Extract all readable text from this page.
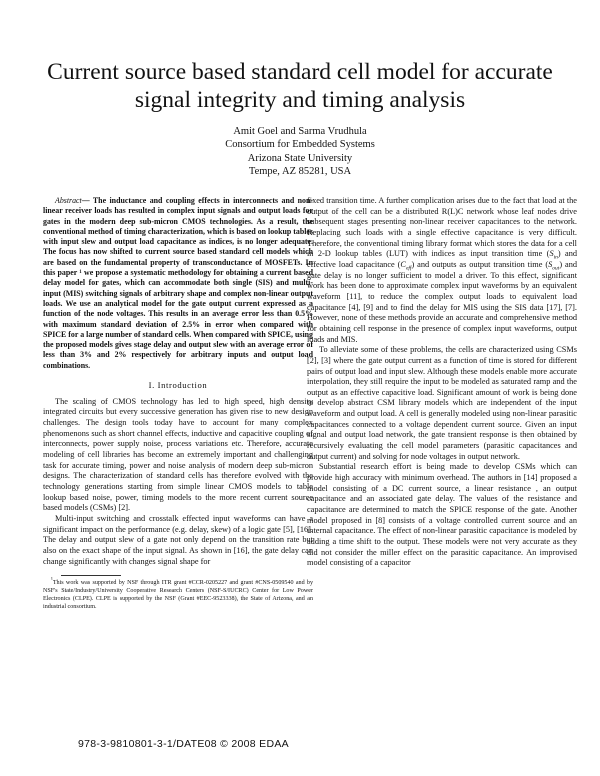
Current source based standard cell model for accurate signal integrity and timing analysis
Amit Goel and Sarma Vrudhula
Consortium for Embedded Systems
Arizona State University
Tempe, AZ 85281, USA

Abstract— The inductance and coupling effects in interconnects and non-linear receiver loads has resulted in complex input signals and output loads for gates in the modern deep sub-micron CMOS technologies. As a result, the conventional method of timing characterization, which is based on lookup tables with input slew and output load capacitance as indices, is no longer adequate. The focus has now shifted to current source based standard cell models which are based on the fundamental property of transconductance of MOSFETs. In this paper ¹ we propose a systematic methodology for obtaining a current based delay model for gates, which can accommodate both single (SIS) and multi-input (MIS) switching signals of arbitrary shape and complex non-linear output loads. We use an analytical model for the gate output current expressed as a function of the node voltages. This results in an average error less than 0.5% with maximum standard deviation of 2.5% in error when compared with SPICE for a large number of standard cells. When compared with SPICE, using the proposed models gives stage delay and output slew with an average error of less than 3% and 2% respectively for arbitrary inputs and output load combinations.

I. Introduction

The scaling of CMOS technology has led to high speed, high density integrated circuits but every successive generation has given rise to new design challenges. The design tools today have to account for many complex phenomenons such as short channel effects, inductive and capacitive coupling of interconnects, power supply noise, process variations etc. Therefore, accurate modeling of cell libraries has become an extremely important and challenging task for accurate timing, power and noise analysis of modern deep sub-micron designs. The characterization of standard cells has therefore evolved with the technology generations starting from simple linear CMOS models to table lookup based noise, power, timing models to the more recent current source based models (CSMs) [2].

Multi-input switching and crosstalk effected input waveforms can have a significant impact on the performance (e.g. delay, skew) of a logic gate [5], [16]. The delay and output slew of a gate not only depend on the transition rate but also on the exact shape of the input signal. As shown in [16], the gate delay can change significantly with changes signal shape for

$^{^1}$This work was supported by NSF through ITR grant #CCR-0205227 and grant #CNS-0509540 and by NSF's State/Industry/University Cooperative Research Centers (NSF-S/IUCRC) Center for Low Power Electronics (CLPE). CLPE is supported by the NSF (Grant #EEC-9523338), the State of Arizona, and an industrial consortium.

fixed transition time. A further complication arises due to the fact that load at the output of the cell can be a distributed R(L)C network whose leaf nodes drive subsequent stages presenting non-linear receiver capacitances to the network. Replacing such loads with a single effective capacitance is very difficult. Therefore, the conventional timing library format which stores the data for a cell in 2-D lookup tables (LUT) with indices as input transition time $(S_{in})$ and effective load capacitance $(C_{eff})$ and outputs as output transition time $(S_{out})$ and gate delay is no longer sufficient to model a driver. To this effect, significant work has been done to approximate complex input waveforms by an equivalent waveform [11], to reduce the complex output loads to equivalent load capacitance [4], [9] and to find the delay for MIS using the SIS data [17], [7]. However, none of these methods provide an accurate and comprehensive method for obtaining cell response in the presence of complex input waveforms, output loads and MIS.

To alleviate some of these problems, the cells are characterized using CSMs [2], [3] where the gate output current as a function of time is stored for different pairs of output load and input slew. Although these models enable more accurate interpolation, they still require the input to be modeled as saturated ramp and the output as an effective capacitive load. Significant amount of work is being done to develop abstract CSM library models which are independent of the input waveform and output load. A cell is generally modeled using non-linear parasitic capacitances connected to a voltage dependent current source. Given an input signal and output load network, the gate transient response is then obtained by recursively evaluating the cell model parameters (parasitic capacitances and output current) and solving for node voltages in output network.

Substantial research effort is being made to develop CSMs which can provide high accuracy with minimum overhead. The authors in [14] proposed a model consisting of a DC current source, a linear resistance , an output capacitance and an associated gate delay. The values of the resistance and capacitance are determined to match the SPICE response of the gate. Another model proposed in [8] consists of a voltage controlled current source and an internal capacitance. The effect of non-linear parasitic capacitance is modeled by adding a time shift to the output. These models were not very accurate as they did not consider the miller effect on the parasitic capacitance. An improvised model consisting of a capacitor

978-3-9810801-3-1/DATE08 © 2008 EDAA
